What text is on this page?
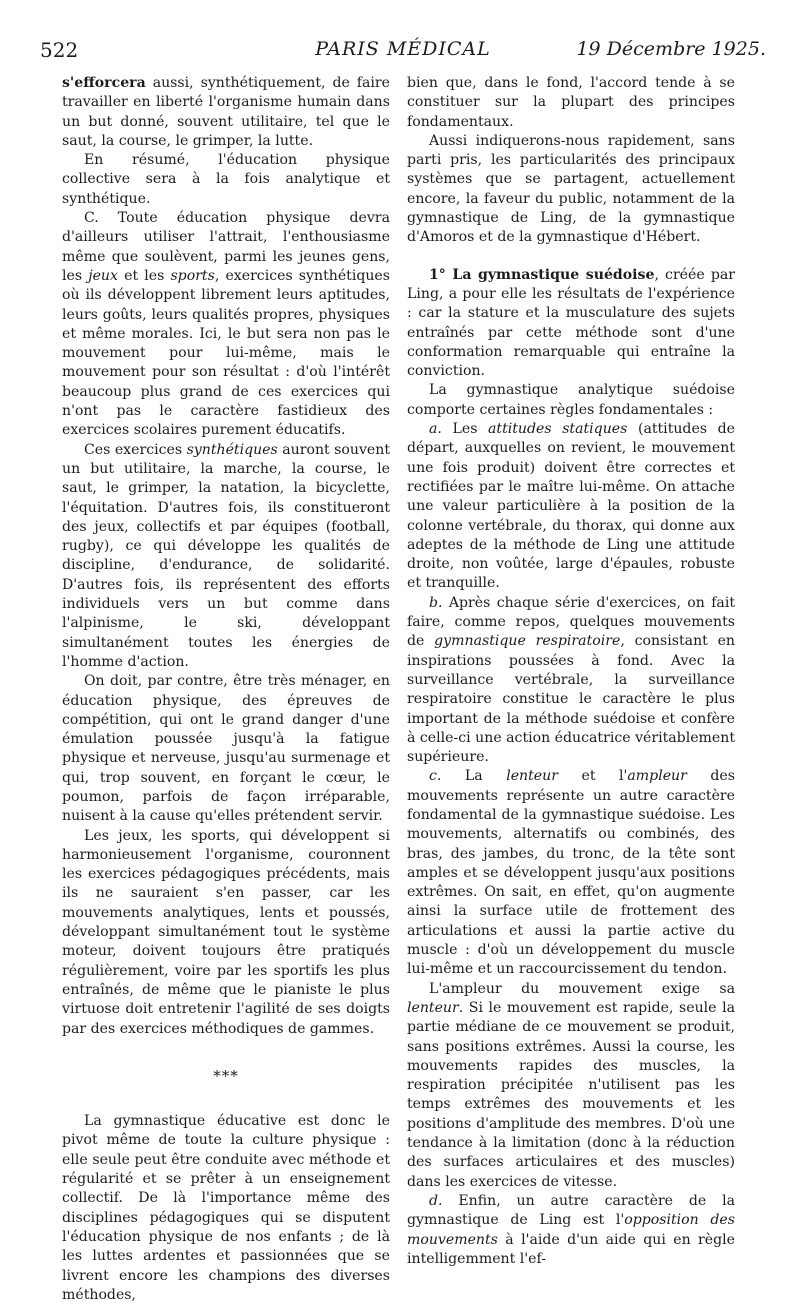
522	PARIS MÉDICAL	19 Décembre 1925.

s'efforcera aussi, synthétiquement, de faire travailler en liberté l'organisme humain dans un but donné, souvent utilitaire, tel que le saut, la course, le grimper, la lutte.

En résumé, l'éducation physique collective sera à la fois analytique et synthétique.

C. Toute éducation physique devra d'ailleurs utiliser l'attrait, l'enthousiasme même que soulèvent, parmi les jeunes gens, les jeux et les sports, exercices synthétiques où ils développent librement leurs aptitudes, leurs goûts, leurs qualités propres, physiques et même morales. Ici, le but sera non pas le mouvement pour lui-même, mais le mouvement pour son résultat : d'où l'intérêt beaucoup plus grand de ces exercices qui n'ont pas le caractère fastidieux des exercices scolaires purement éducatifs.

Ces exercices synthétiques auront souvent un but utilitaire, la marche, la course, le saut, le grimper, la natation, la bicyclette, l'équitation. D'autres fois, ils constitueront des jeux, collectifs et par équipes (football, rugby), ce qui développe les qualités de discipline, d'endurance, de solidarité. D'autres fois, ils représentent des efforts individuels vers un but comme dans l'alpinisme, le ski, développant simultanément toutes les énergies de l'homme d'action.

On doit, par contre, être très ménager, en éducation physique, des épreuves de compétition, qui ont le grand danger d'une émulation poussée jusqu'à la fatigue physique et nerveuse, jusqu'au surmenage et qui, trop souvent, en forçant le cœur, le poumon, parfois de façon irréparable, nuisent à la cause qu'elles prétendent servir.

Les jeux, les sports, qui développent si harmonieusement l'organisme, couronnent les exercices pédagogiques précédents, mais ils ne sauraient s'en passer, car les mouvements analytiques, lents et poussés, développant simultanément tout le système moteur, doivent toujours être pratiqués régulièrement, voire par les sportifs les plus entraînés, de même que le pianiste le plus virtuose doit entretenir l'agilité de ses doigts par des exercices méthodiques de gammes.

***

La gymnastique éducative est donc le pivot même de toute la culture physique : elle seule peut être conduite avec méthode et régularité et se prêter à un enseignement collectif. De là l'importance même des disciplines pédagogiques qui se disputent l'éducation physique de nos enfants ; de là les luttes ardentes et passionnées que se livrent encore les champions des diverses méthodes,

bien que, dans le fond, l'accord tende à se constituer sur la plupart des principes fondamentaux.

Aussi indiquerons-nous rapidement, sans parti pris, les particularités des principaux systèmes que se partagent, actuellement encore, la faveur du public, notamment de la gymnastique de Ling, de la gymnastique d'Amoros et de la gymnastique d'Hébert.

1° La gymnastique suédoise, créée par Ling, a pour elle les résultats de l'expérience : car la stature et la musculature des sujets entraînés par cette méthode sont d'une conformation remarquable qui entraîne la conviction.

La gymnastique analytique suédoise comporte certaines règles fondamentales :

a. Les attitudes statiques (attitudes de départ, auxquelles on revient, le mouvement une fois produit) doivent être correctes et rectifiées par le maître lui-même. On attache une valeur particulière à la position de la colonne vertébrale, du thorax, qui donne aux adeptes de la méthode de Ling une attitude droite, non voûtée, large d'épaules, robuste et tranquille.

b. Après chaque série d'exercices, on fait faire, comme repos, quelques mouvements de gymnastique respiratoire, consistant en inspirations poussées à fond. Avec la surveillance vertébrale, la surveillance respiratoire constitue le caractère le plus important de la méthode suédoise et confère à celle-ci une action éducatrice véritablement supérieure.

c. La lenteur et l'ampleur des mouvements représente un autre caractère fondamental de la gymnastique suédoise. Les mouvements, alternatifs ou combinés, des bras, des jambes, du tronc, de la tête sont amples et se développent jusqu'aux positions extrêmes. On sait, en effet, qu'on augmente ainsi la surface utile de frottement des articulations et aussi la partie active du muscle : d'où un développement du muscle lui-même et un raccourcissement du tendon.

L'ampleur du mouvement exige sa lenteur. Si le mouvement est rapide, seule la partie médiane de ce mouvement se produit, sans positions extrêmes. Aussi la course, les mouvements rapides des muscles, la respiration précipitée n'utilisent pas les temps extrêmes des mouvements et les positions d'amplitude des membres. D'où une tendance à la limitation (donc à la réduction des surfaces articulaires et des muscles) dans les exercices de vitesse.

d. Enfin, un autre caractère de la gymnastique de Ling est l'opposition des mouvements à l'aide d'un aide qui en règle intelligemment l'ef-
